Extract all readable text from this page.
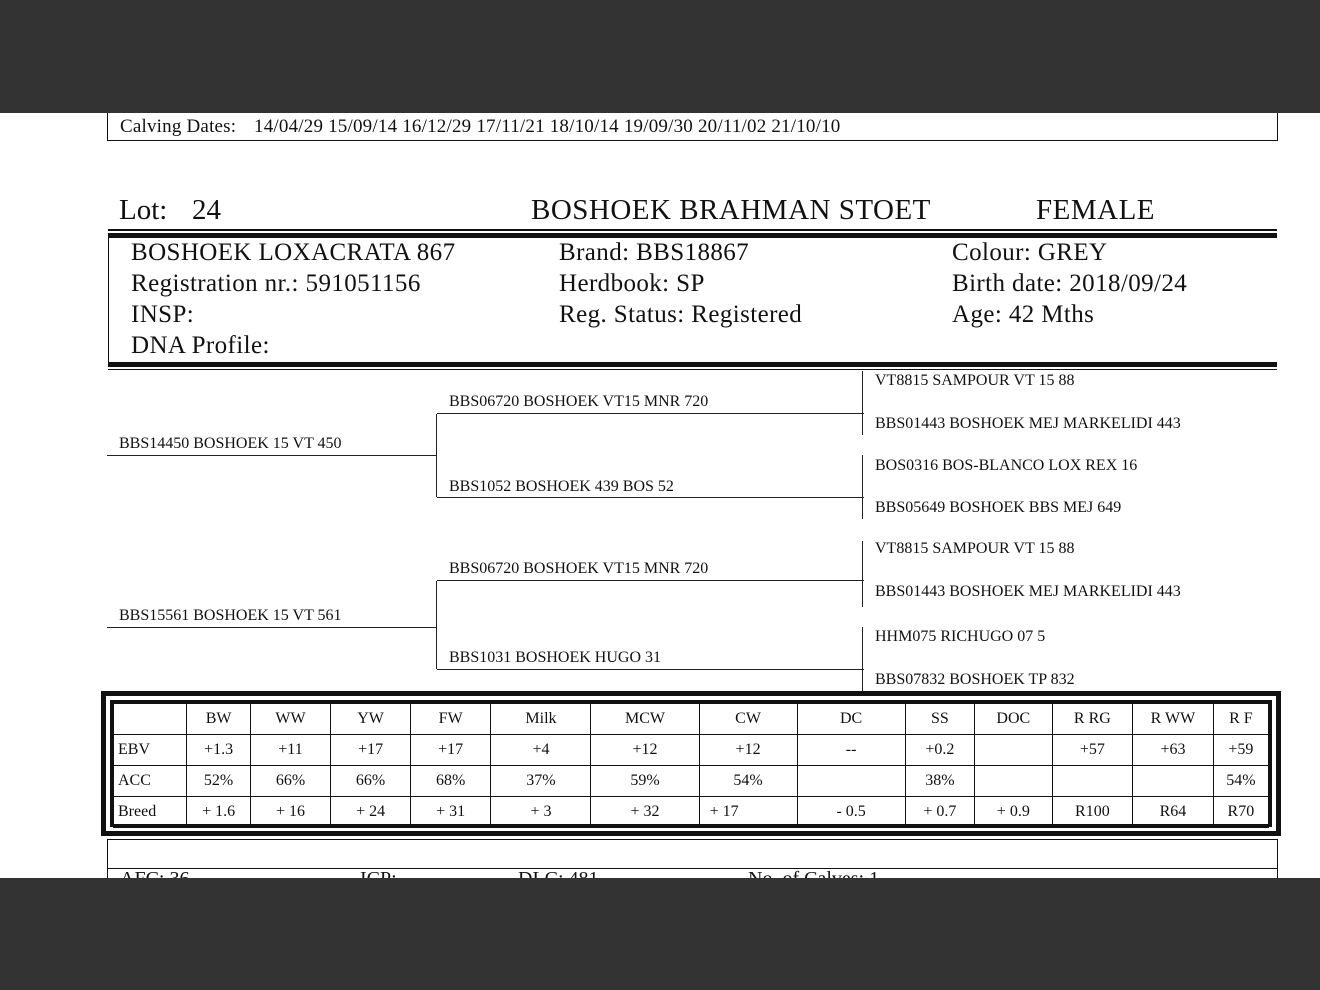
Calving Dates: 14/04/29 15/09/14 16/12/29 17/11/21 18/10/14 19/09/30 20/11/02 21/10/10
Lot: 24	BOSHOEK BRAHMAN STOET	FEMALE
BOSHOEK LOXACRATA 867
Registration nr.: 591051156
INSP:
DNA Profile:
Brand: BBS18867
Herdbook: SP
Reg. Status: Registered
Colour: GREY
Birth date: 2018/09/24
Age: 42 Mths
BBS14450 BOSHOEK 15 VT 450
BBS15561 BOSHOEK 15 VT 561
BBS06720 BOSHOEK VT15 MNR 720
BBS1052 BOSHOEK 439 BOS 52
BBS06720 BOSHOEK VT15 MNR 720
BBS1031 BOSHOEK HUGO 31
VT8815 SAMPOUR VT 15 88
BBS01443 BOSHOEK MEJ MARKELIDI 443
BOS0316 BOS-BLANCO LOX REX 16
BBS05649 BOSHOEK BBS MEJ 649
VT8815 SAMPOUR VT 15 88
BBS01443 BOSHOEK MEJ MARKELIDI 443
HHM075 RICHUGO 07 5
BBS07832 BOSHOEK TP 832
	BW	WW	YW	FW	Milk	MCW	CW	DC	SS	DOC	R RG	R WW	R F
EBV	+1.3	+11	+17	+17	+4	+12	+12	--	+0.2		+57	+63	+59
ACC	52%	66%	66%	68%	37%	59%	54%		38%				54%
Breed	+ 1.6	+ 16	+ 24	+ 31	+ 3	+ 32	+ 17	- 0.5	+ 0.7	+ 0.9	R100	R64	R70
